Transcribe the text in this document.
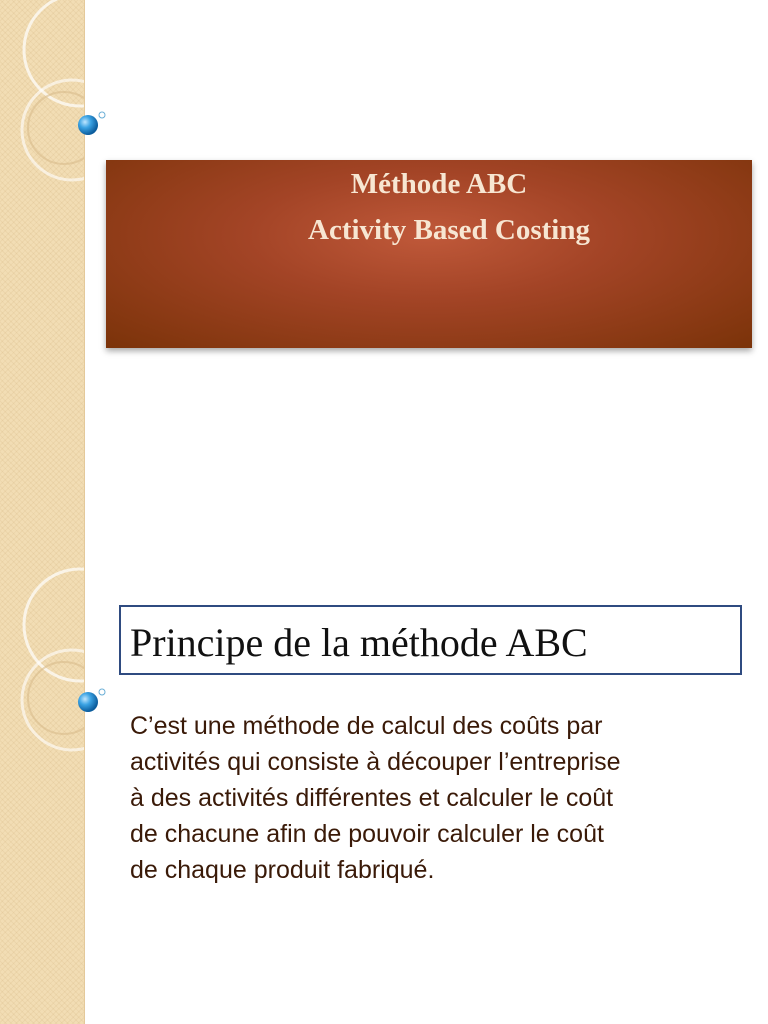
Méthode ABC
Activity Based Costing
Principe de la méthode ABC
C’est une méthode de calcul des coûts par
activités qui consiste à découper l’entreprise
à des activités différentes et calculer le coût
de chacune afin de pouvoir calculer le coût
de chaque produit fabriqué.
